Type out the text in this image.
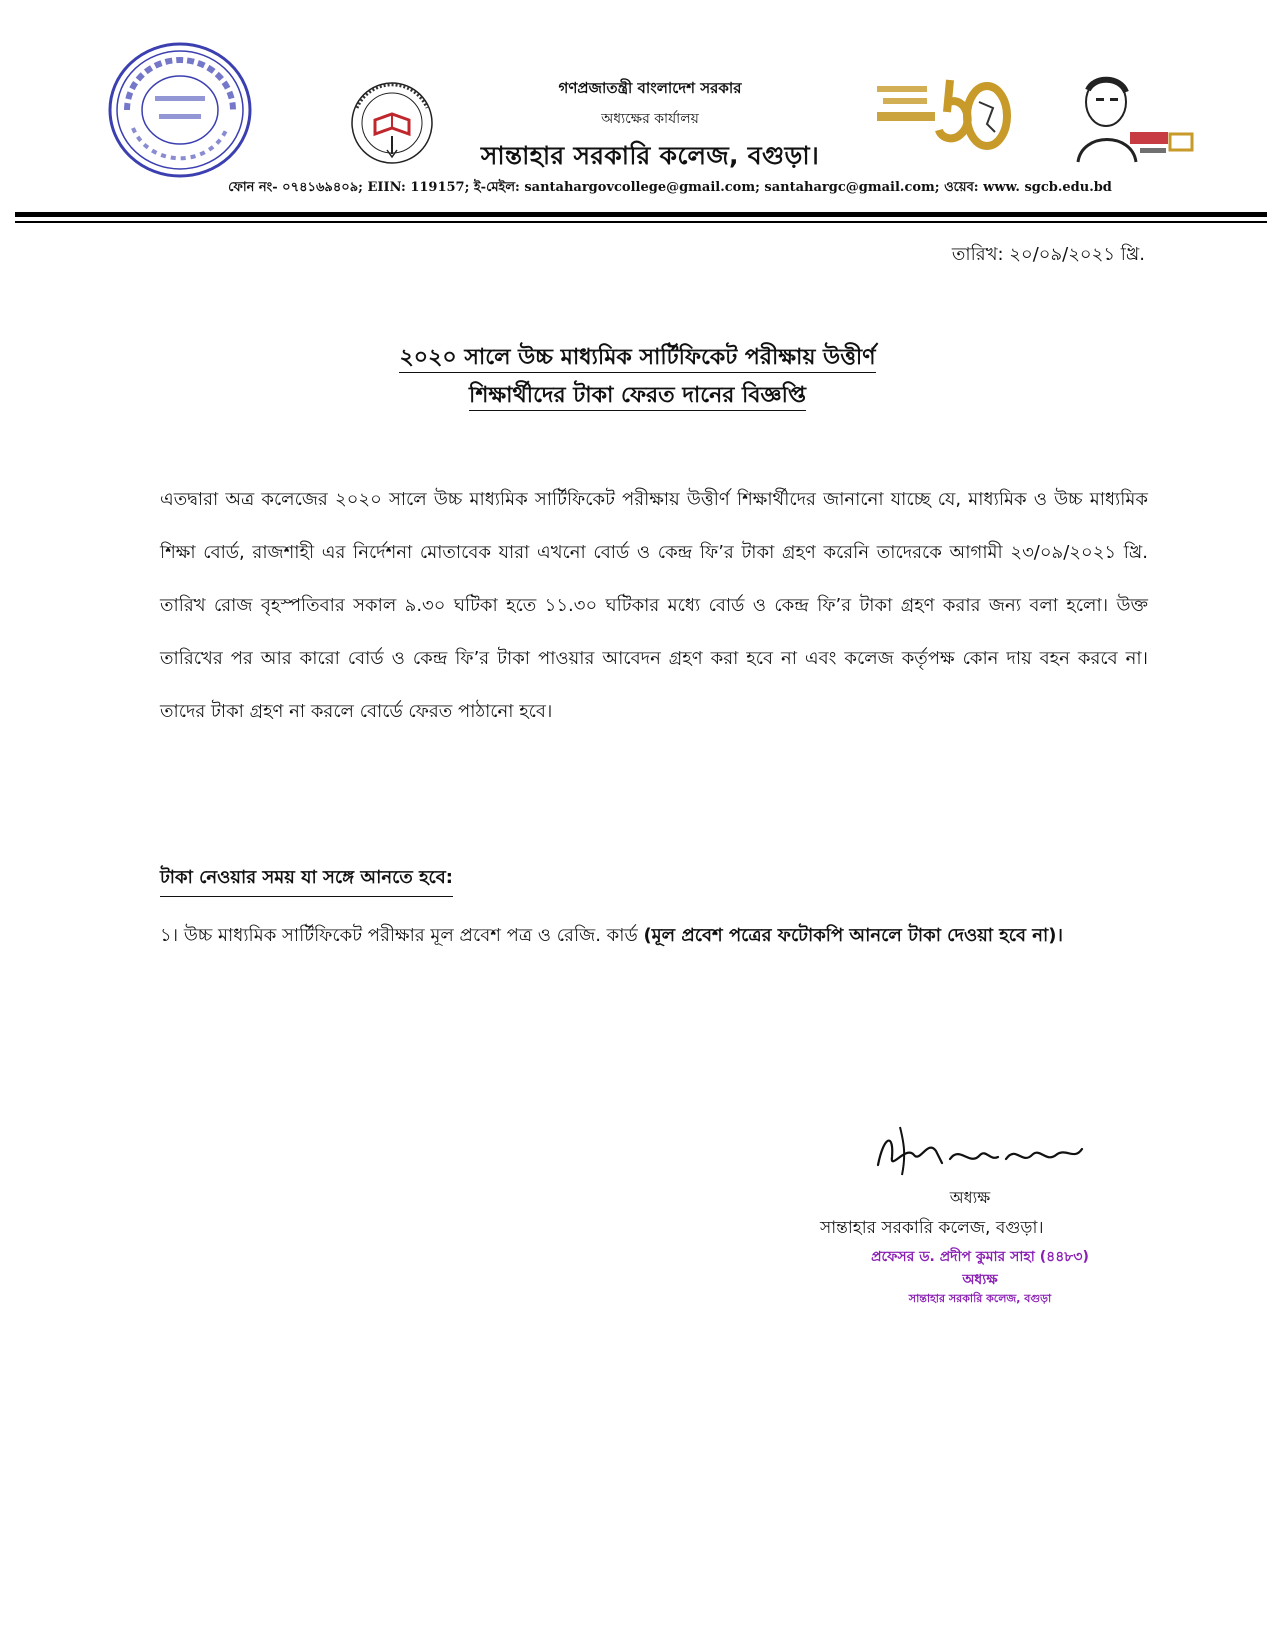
গণপ্রজাতন্ত্রী বাংলাদেশ সরকার
অধ্যক্ষের কার্যালয়
সান্তাহার সরকারি কলেজ, বগুড়া।
ফোন নং- ০৭৪১৬৯৪০৯; EIIN: 119157; ই-মেইল: santahargovcollege@gmail.com; santahargc@gmail.com; ওয়েব: www. sgcb.edu.bd
তারিখ: ২০/০৯/২০২১ খ্রি.
২০২০ সালে উচ্চ মাধ্যমিক সার্টিফিকেট পরীক্ষায় উত্তীর্ণ
শিক্ষার্থীদের টাকা ফেরত দানের বিজ্ঞপ্তি
এতদ্বারা অত্র কলেজের ২০২০ সালে উচ্চ মাধ্যমিক সার্টিফিকেট পরীক্ষায় উত্তীর্ণ শিক্ষার্থীদের জানানো যাচ্ছে যে, মাধ্যমিক ও উচ্চ মাধ্যমিক শিক্ষা বোর্ড, রাজশাহী এর নির্দেশনা মোতাবেক যারা এখনো বোর্ড ও কেন্দ্র ফি’র টাকা গ্রহণ করেনি তাদেরকে আগামী ২৩/০৯/২০২১ খ্রি. তারিখ রোজ বৃহস্পতিবার সকাল ৯.৩০ ঘটিকা হতে ১১.৩০ ঘটিকার মধ্যে বোর্ড ও কেন্দ্র ফি’র টাকা গ্রহণ করার জন্য বলা হলো। উক্ত তারিখের পর আর কারো বোর্ড ও কেন্দ্র ফি’র টাকা পাওয়ার আবেদন গ্রহণ করা হবে না এবং কলেজ কর্তৃপক্ষ কোন দায় বহন করবে না। তাদের টাকা গ্রহণ না করলে বোর্ডে ফেরত পাঠানো হবে।
টাকা নেওয়ার সময় যা সঙ্গে আনতে হবে:
১। উচ্চ মাধ্যমিক সার্টিফিকেট পরীক্ষার মূল প্রবেশ পত্র ও রেজি. কার্ড (মূল প্রবেশ পত্রের ফটোকপি আনলে টাকা দেওয়া হবে না)।
অধ্যক্ষ
সান্তাহার সরকারি কলেজ, বগুড়া।
প্রফেসর ড. প্রদীপ কুমার সাহা (৪৪৮৩)
অধ্যক্ষ
সান্তাহার সরকারি কলেজ, বগুড়া
